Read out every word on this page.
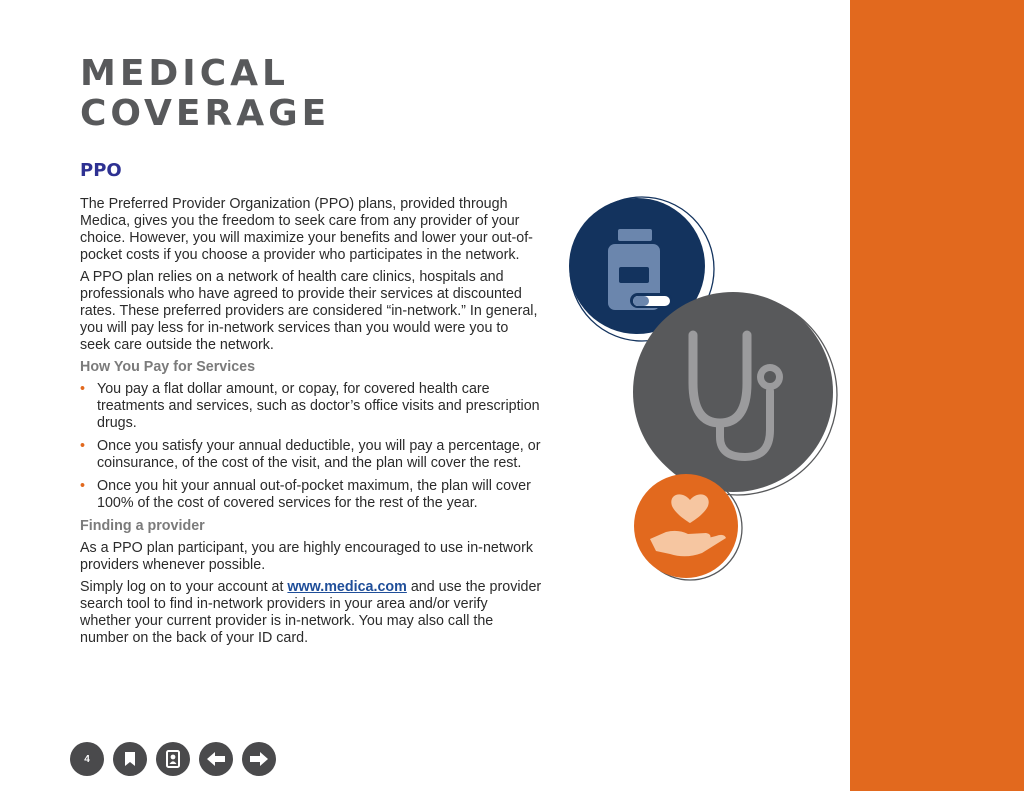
MEDICAL
COVERAGE
PPO

The Preferred Provider Organization (PPO) plans, provided through Medica, gives you the freedom to seek care from any provider of your choice. However, you will maximize your benefits and lower your out-of-pocket costs if you choose a provider who participates in the network.

A PPO plan relies on a network of health care clinics, hospitals and professionals who have agreed to provide their services at discounted rates. These preferred providers are considered “in-network.” In general, you will pay less for in-network services than you would were you to seek care outside the network.

How You Pay for Services

• You pay a flat dollar amount, or copay, for covered health care treatments and services, such as doctor’s office visits and prescription drugs.
• Once you satisfy your annual deductible, you will pay a percentage, or coinsurance, of the cost of the visit, and the plan will cover the rest.
• Once you hit your annual out-of-pocket maximum, the plan will cover 100% of the cost of covered services for the rest of the year.

Finding a provider

As a PPO plan participant, you are highly encouraged to use in-network providers whenever possible.

Simply log on to your account at www.medica.com and use the provider search tool to find in-network providers in your area and/or verify whether your current provider is in-network. You may also call the number on the back of your ID card.

4
